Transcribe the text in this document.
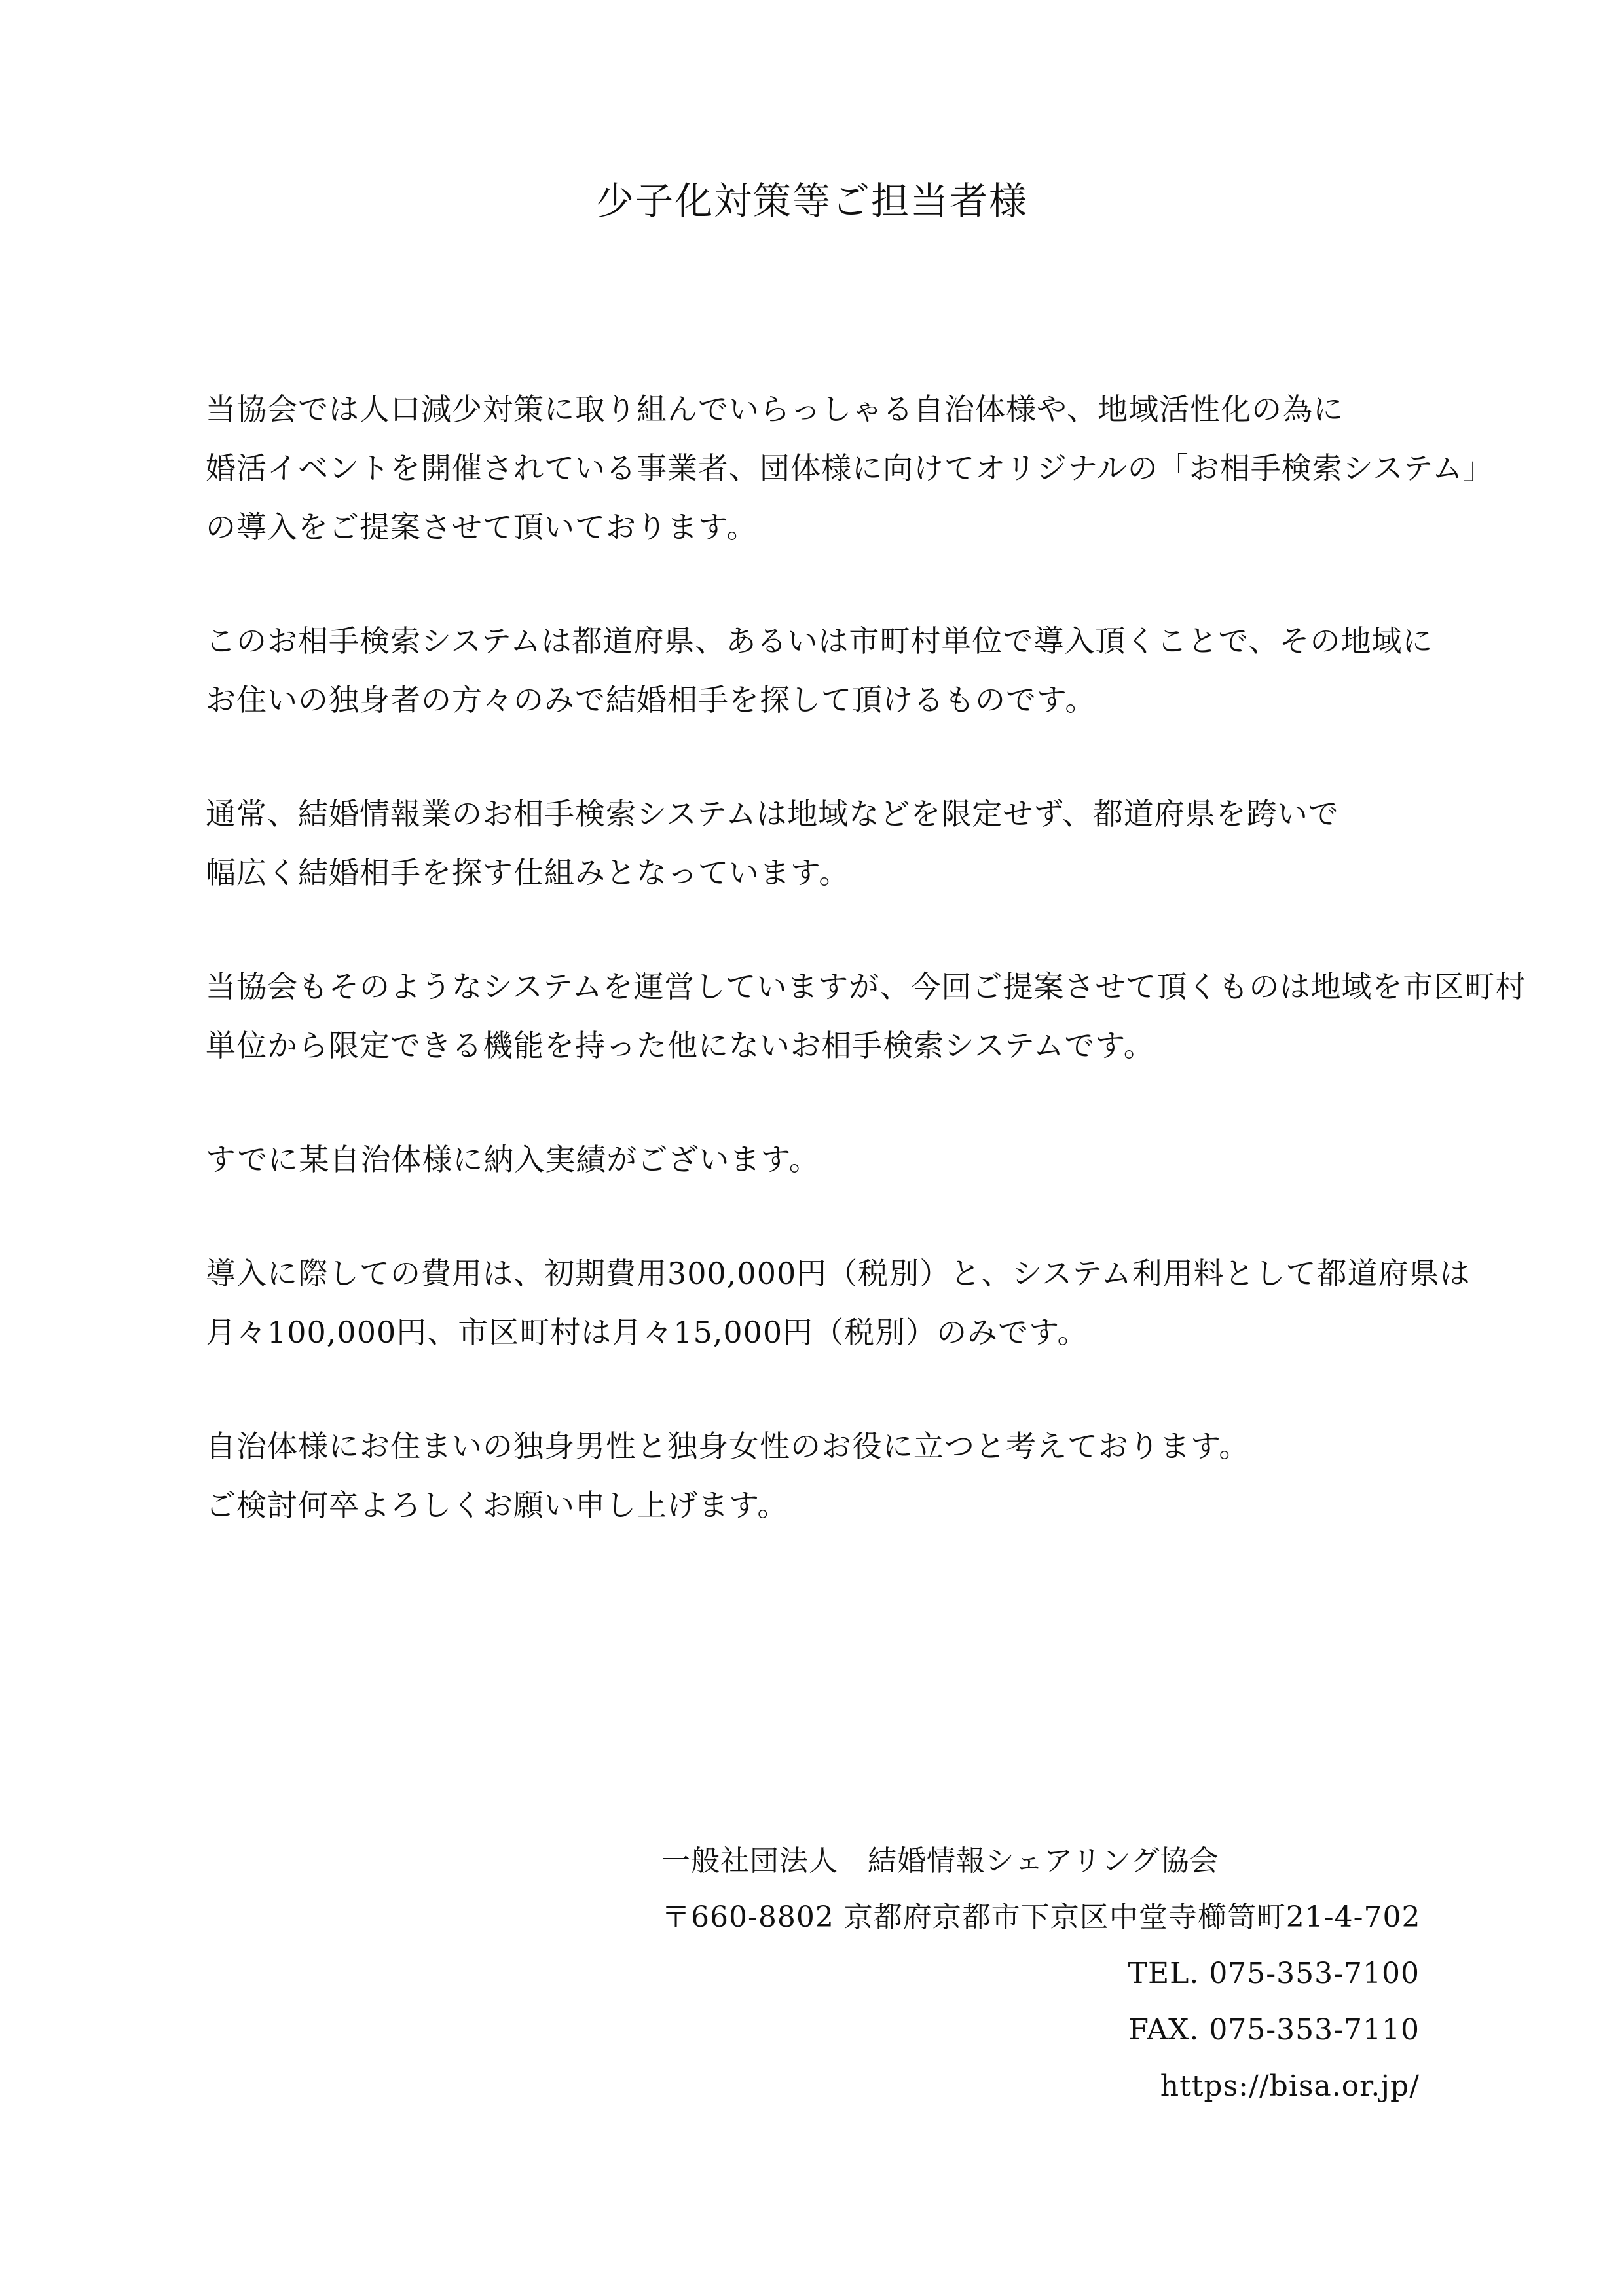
少子化対策等ご担当者様
当協会では人口減少対策に取り組んでいらっしゃる自治体様や、地域活性化の為に
婚活イベントを開催されている事業者、団体様に向けてオリジナルの「お相手検索システム」
の導入をご提案させて頂いております。
このお相手検索システムは都道府県、あるいは市町村単位で導入頂くことで、その地域に
お住いの独身者の方々のみで結婚相手を探して頂けるものです。
通常、結婚情報業のお相手検索システムは地域などを限定せず、都道府県を跨いで
幅広く結婚相手を探す仕組みとなっています。
当協会もそのようなシステムを運営していますが、今回ご提案させて頂くものは地域を市区町村
単位から限定できる機能を持った他にないお相手検索システムです。
すでに某自治体様に納入実績がございます。
導入に際しての費用は、初期費用300,000円（税別）と、システム利用料として都道府県は
月々100,000円、市区町村は月々15,000円（税別）のみです。
自治体様にお住まいの独身男性と独身女性のお役に立つと考えております。
ご検討何卒よろしくお願い申し上げます。
一般社団法人　結婚情報シェアリング協会
〒660-8802 京都府京都市下京区中堂寺櫛笥町21-4-702
TEL. 075-353-7100
FAX. 075-353-7110
https://bisa.or.jp/
